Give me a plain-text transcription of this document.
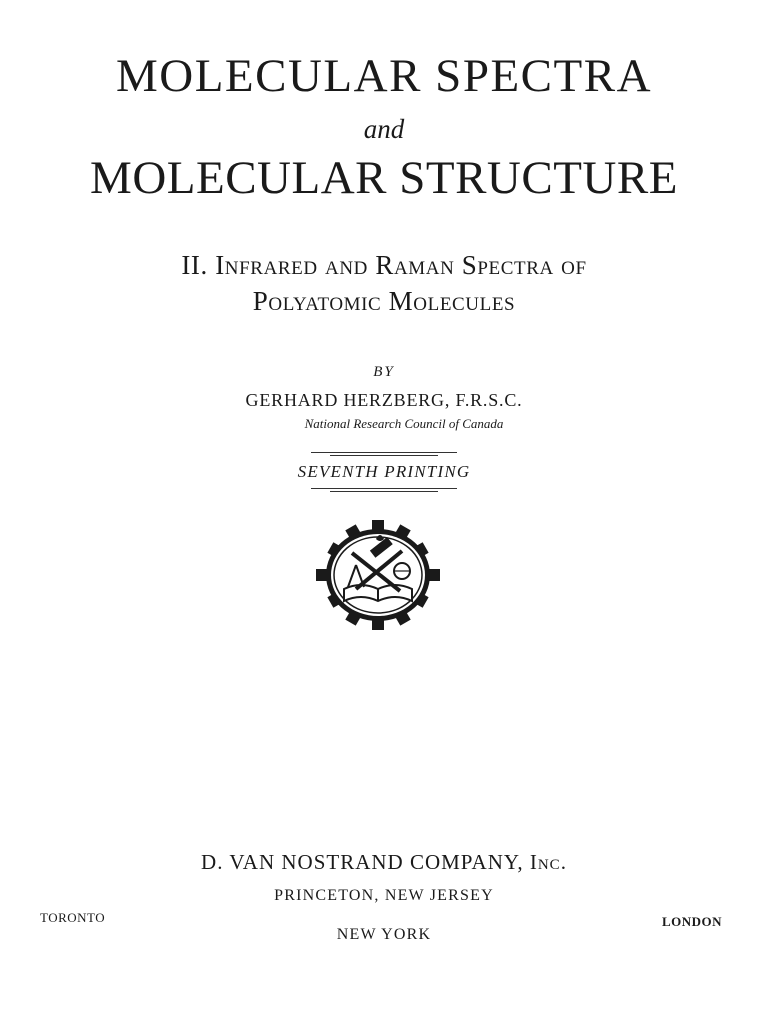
MOLECULAR SPECTRA
and
MOLECULAR STRUCTURE
II. Infrared and Raman Spectra of
Polyatomic Molecules
BY
GERHARD HERZBERG, F.R.S.C.
National Research Council of Canada
SEVENTH PRINTING
D. VAN NOSTRAND COMPANY, Inc.
PRINCETON, NEW JERSEY
NEW YORK
TORONTO	LONDON
